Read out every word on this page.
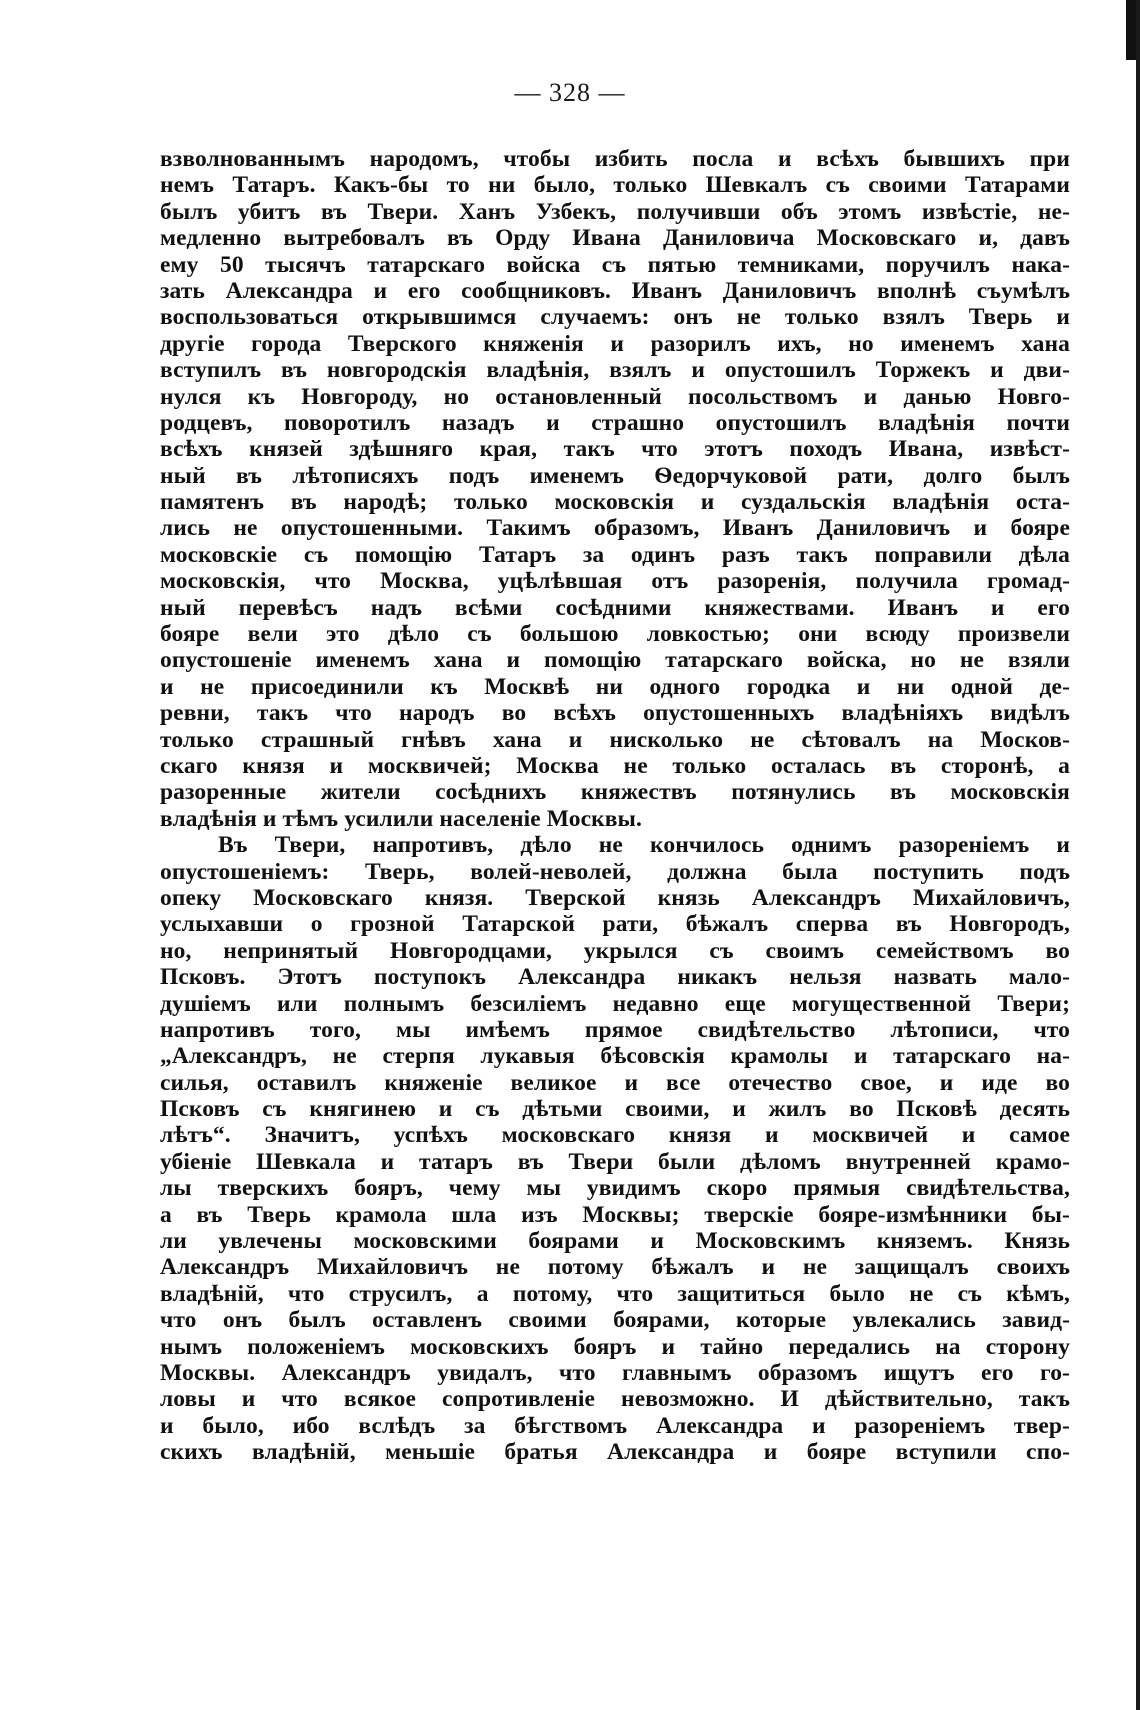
— 328 —
взволнованнымъ народомъ, чтобы избить посла и всѣхъ бывшихъ при
немъ Татаръ. Какъ-бы то ни было, только Шевкалъ съ своими Татарами
былъ убитъ въ Твери. Ханъ Узбекъ, получивши объ этомъ извѣстіе, не-
медленно вытребовалъ въ Орду Ивана Даниловича Московскаго и, давъ
ему 50 тысячъ татарскаго войска съ пятью темниками, поручилъ нака-
зать Александра и его сообщниковъ. Иванъ Даниловичъ вполнѣ съумѣлъ
воспользоваться открывшимся случаемъ: онъ не только взялъ Тверь и
другіе города Тверского княженія и разорилъ ихъ, но именемъ хана
вступилъ въ новгородскія владѣнія, взялъ и опустошилъ Торжекъ и дви-
нулся къ Новгороду, но остановленный посольствомъ и данью Новго-
родцевъ, поворотилъ назадъ и страшно опустошилъ владѣнія почти
всѣхъ князей здѣшняго края, такъ что этотъ походъ Ивана, извѣст-
ный въ лѣтописяхъ подъ именемъ Ѳедорчуковой рати, долго былъ
памятенъ въ народѣ; только московскія и суздальскія владѣнія оста-
лись не опустошенными. Такимъ образомъ, Иванъ Даниловичъ и бояре
московскіе съ помощію Татаръ за одинъ разъ такъ поправили дѣла
московскія, что Москва, уцѣлѣвшая отъ разоренія, получила громад-
ный перевѣсъ надъ всѣми сосѣдними княжествами. Иванъ и его
бояре вели это дѣло съ большою ловкостью; они всюду произвели
опустошеніе именемъ хана и помощію татарскаго войска, но не взяли
и не присоединили къ Москвѣ ни одного городка и ни одной де-
ревни, такъ что народъ во всѣхъ опустошенныхъ владѣніяхъ видѣлъ
только страшный гнѣвъ хана и нисколько не сѣтовалъ на Москов-
скаго князя и москвичей; Москва не только осталась въ сторонѣ, а
разоренные жители сосѣднихъ княжествъ потянулись въ московскія
владѣнія и тѣмъ усилили населеніе Москвы.
Въ Твери, напротивъ, дѣло не кончилось однимъ разореніемъ и
опустошеніемъ: Тверь, волей-неволей, должна была поступить подъ
опеку Московскаго князя. Тверской князь Александръ Михайловичъ,
услыхавши о грозной Татарской рати, бѣжалъ сперва въ Новгородъ,
но, непринятый Новгородцами, укрылся съ своимъ семействомъ во
Псковъ. Этотъ поступокъ Александра никакъ нельзя назвать мало-
душіемъ или полнымъ безсиліемъ недавно еще могущественной Твери;
напротивъ того, мы имѣемъ прямое свидѣтельство лѣтописи, что
„Александръ, не стерпя лукавыя бѣсовскія крамолы и татарскаго на-
силья, оставилъ княженіе великое и все отечество свое, и иде во
Псковъ съ княгинею и съ дѣтьми своими, и жилъ во Псковѣ десять
лѣтъ“. Значитъ, успѣхъ московскаго князя и москвичей и самое
убіеніе Шевкала и татаръ въ Твери были дѣломъ внутренней крамо-
лы тверскихъ бояръ, чему мы увидимъ скоро прямыя свидѣтельства,
а въ Тверь крамола шла изъ Москвы; тверскіе бояре-измѣнники бы-
ли увлечены московскими боярами и Московскимъ княземъ. Князь
Александръ Михайловичъ не потому бѣжалъ и не защищалъ своихъ
владѣній, что струсилъ, а потому, что защититься было не съ кѣмъ,
что онъ былъ оставленъ своими боярами, которые увлекались завид-
нымъ положеніемъ московскихъ бояръ и тайно передались на сторону
Москвы. Александръ увидалъ, что главнымъ образомъ ищутъ его го-
ловы и что всякое сопротивленіе невозможно. И дѣйствительно, такъ
и было, ибо вслѣдъ за бѣгствомъ Александра и разореніемъ твер-
скихъ владѣній, меньшіе братья Александра и бояре вступили спо-
